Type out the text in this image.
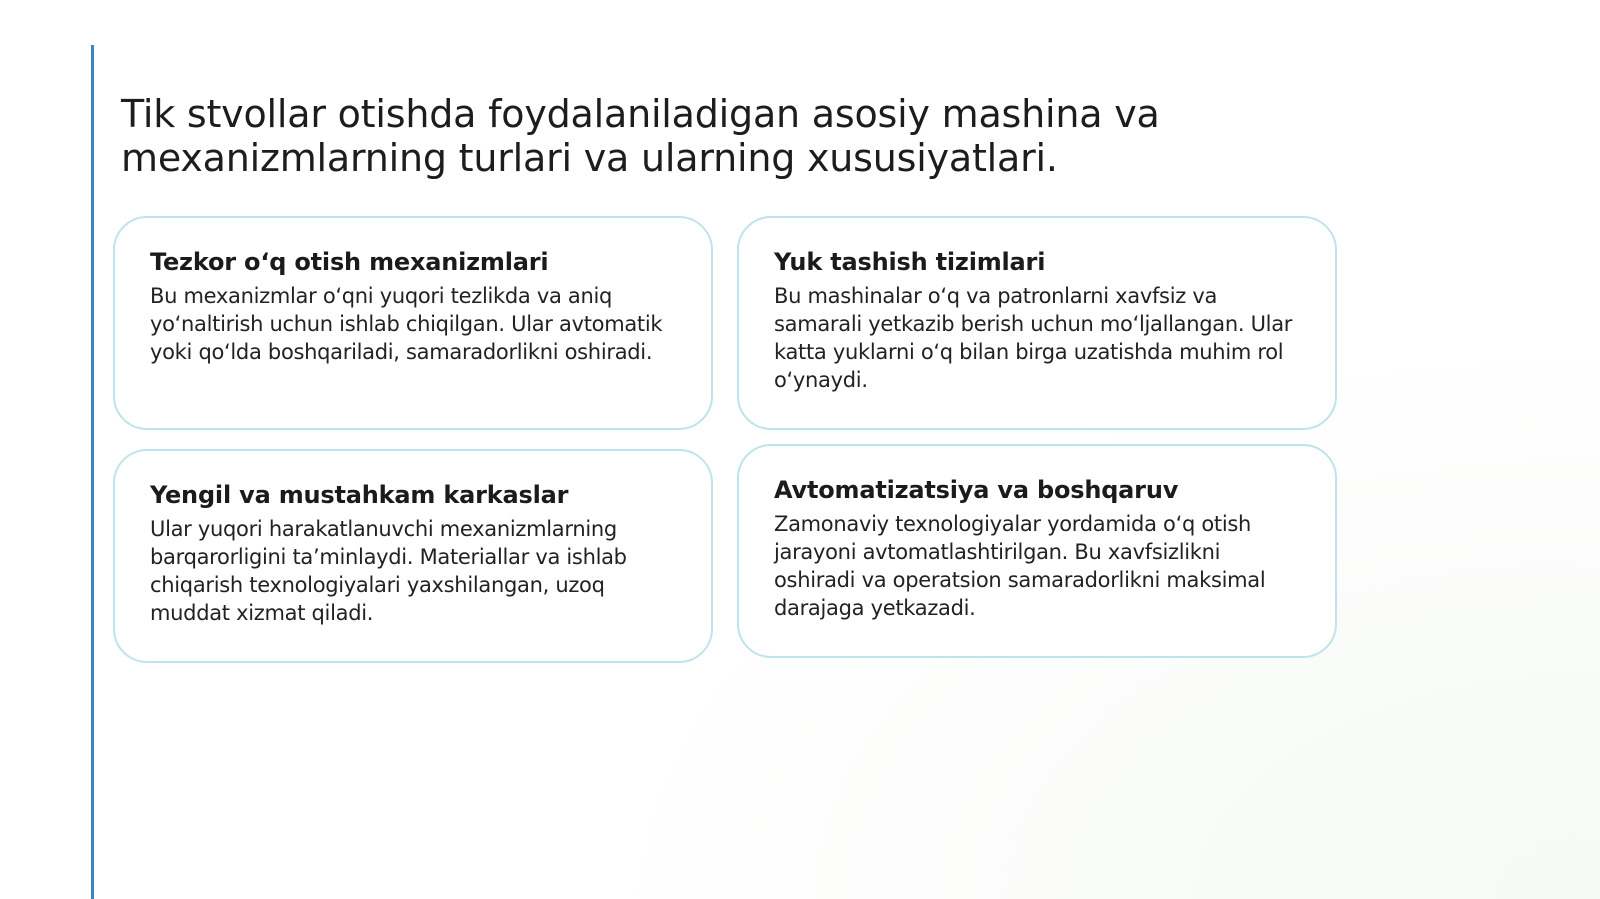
Tik stvollar otishda foydalaniladigan asosiy mashina va mexanizmlarning turlari va ularning xususiyatlari.
Tezkor o‘q otish mexanizmlari

Bu mexanizmlar o‘qni yuqori tezlikda va aniq yo‘naltirish uchun ishlab chiqilgan. Ular avtomatik yoki qo‘lda boshqariladi, samaradorlikni oshiradi.

Yuk tashish tizimlari

Bu mashinalar o‘q va patronlarni xavfsiz va samarali yetkazib berish uchun mo‘ljallangan. Ular katta yuklarni o‘q bilan birga uzatishda muhim rol o‘ynaydi.

Yengil va mustahkam karkaslar

Ular yuqori harakatlanuvchi mexanizmlarning barqarorligini ta’minlaydi. Materiallar va ishlab chiqarish texnologiyalari yaxshilangan, uzoq muddat xizmat qiladi.

Avtomatizatsiya va boshqaruv

Zamonaviy texnologiyalar yordamida o‘q otish jarayoni avtomatlashtirilgan. Bu xavfsizlikni oshiradi va operatsion samaradorlikni maksimal darajaga yetkazadi.
